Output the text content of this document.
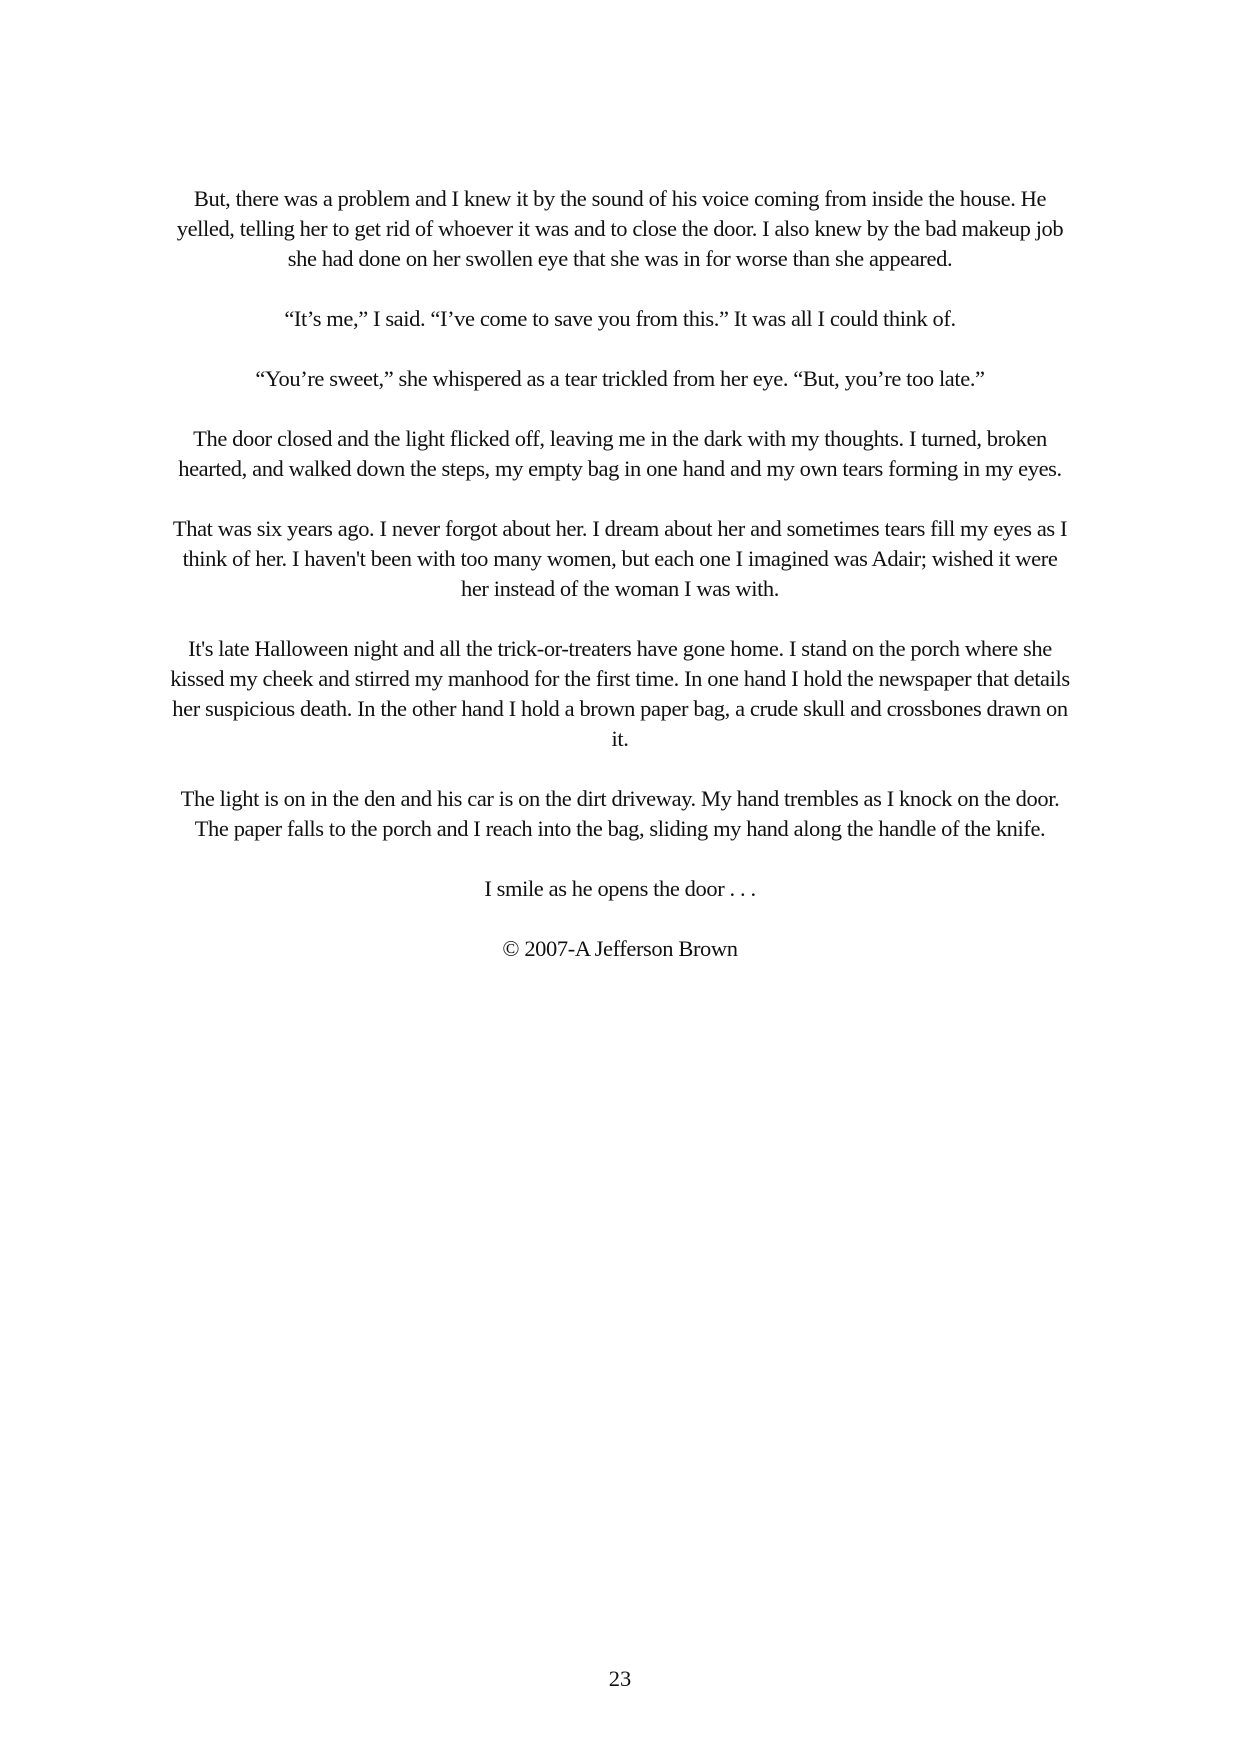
But, there was a problem and I knew it by the sound of his voice coming from inside the house. He yelled, telling her to get rid of whoever it was and to close the door. I also knew by the bad makeup job she had done on her swollen eye that she was in for worse than she appeared.

“It’s me,” I said. “I’ve come to save you from this.” It was all I could think of.

“You’re sweet,” she whispered as a tear trickled from her eye. “But, you’re too late.”

The door closed and the light flicked off, leaving me in the dark with my thoughts. I turned, broken hearted, and walked down the steps, my empty bag in one hand and my own tears forming in my eyes.

That was six years ago. I never forgot about her. I dream about her and sometimes tears fill my eyes as I think of her. I haven't been with too many women, but each one I imagined was Adair; wished it were her instead of the woman I was with.

It's late Halloween night and all the trick-or-treaters have gone home. I stand on the porch where she kissed my cheek and stirred my manhood for the first time. In one hand I hold the newspaper that details her suspicious death. In the other hand I hold a brown paper bag, a crude skull and crossbones drawn on it.

The light is on in the den and his car is on the dirt driveway. My hand trembles as I knock on the door. The paper falls to the porch and I reach into the bag, sliding my hand along the handle of the knife.

I smile as he opens the door . . .

© 2007-A Jefferson Brown

23
